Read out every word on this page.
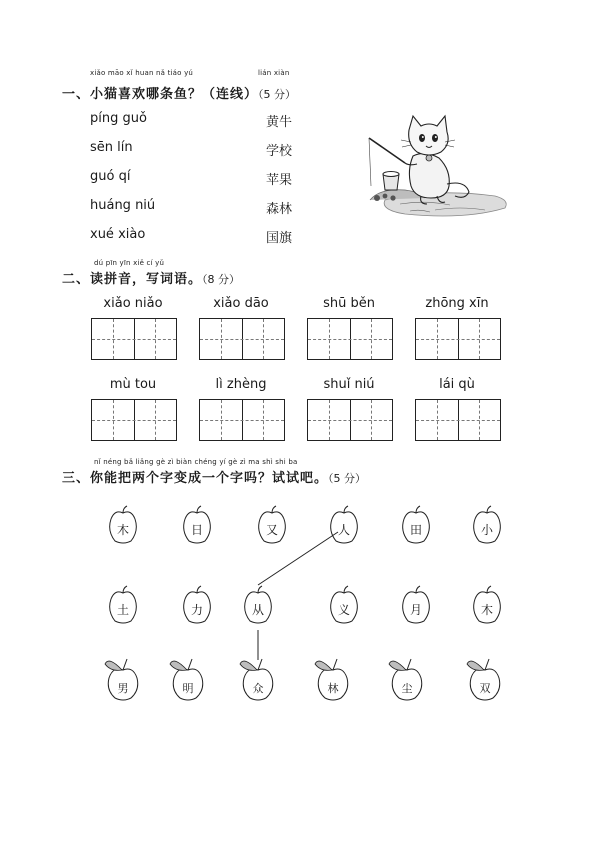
xiǎo māo xǐ huan nǎ tiáo yú	lián xiàn
一、小猫喜欢哪条鱼？（连线）（5 分）
píng guǒ
sēn lín
guó qí
huáng niú
xué xiào
黄牛
学校
苹果
森林
国旗
dú pīn yīn xiě cí yǔ
二、读拼音，写词语。（8 分）
xiǎo niǎo	xiǎo dāo	shū běn	zhōng xīn
mù tou	lì zhèng	shuǐ niú	lái qù
nǐ néng bǎ liǎng gè zì biàn chéng yí gè zì ma shì shi ba
三、你能把两个字变成一个字吗？试试吧。（5 分）
木	日	又	人	田	小
土	力	从	义	月	木
男	明	众	林	尘	双
